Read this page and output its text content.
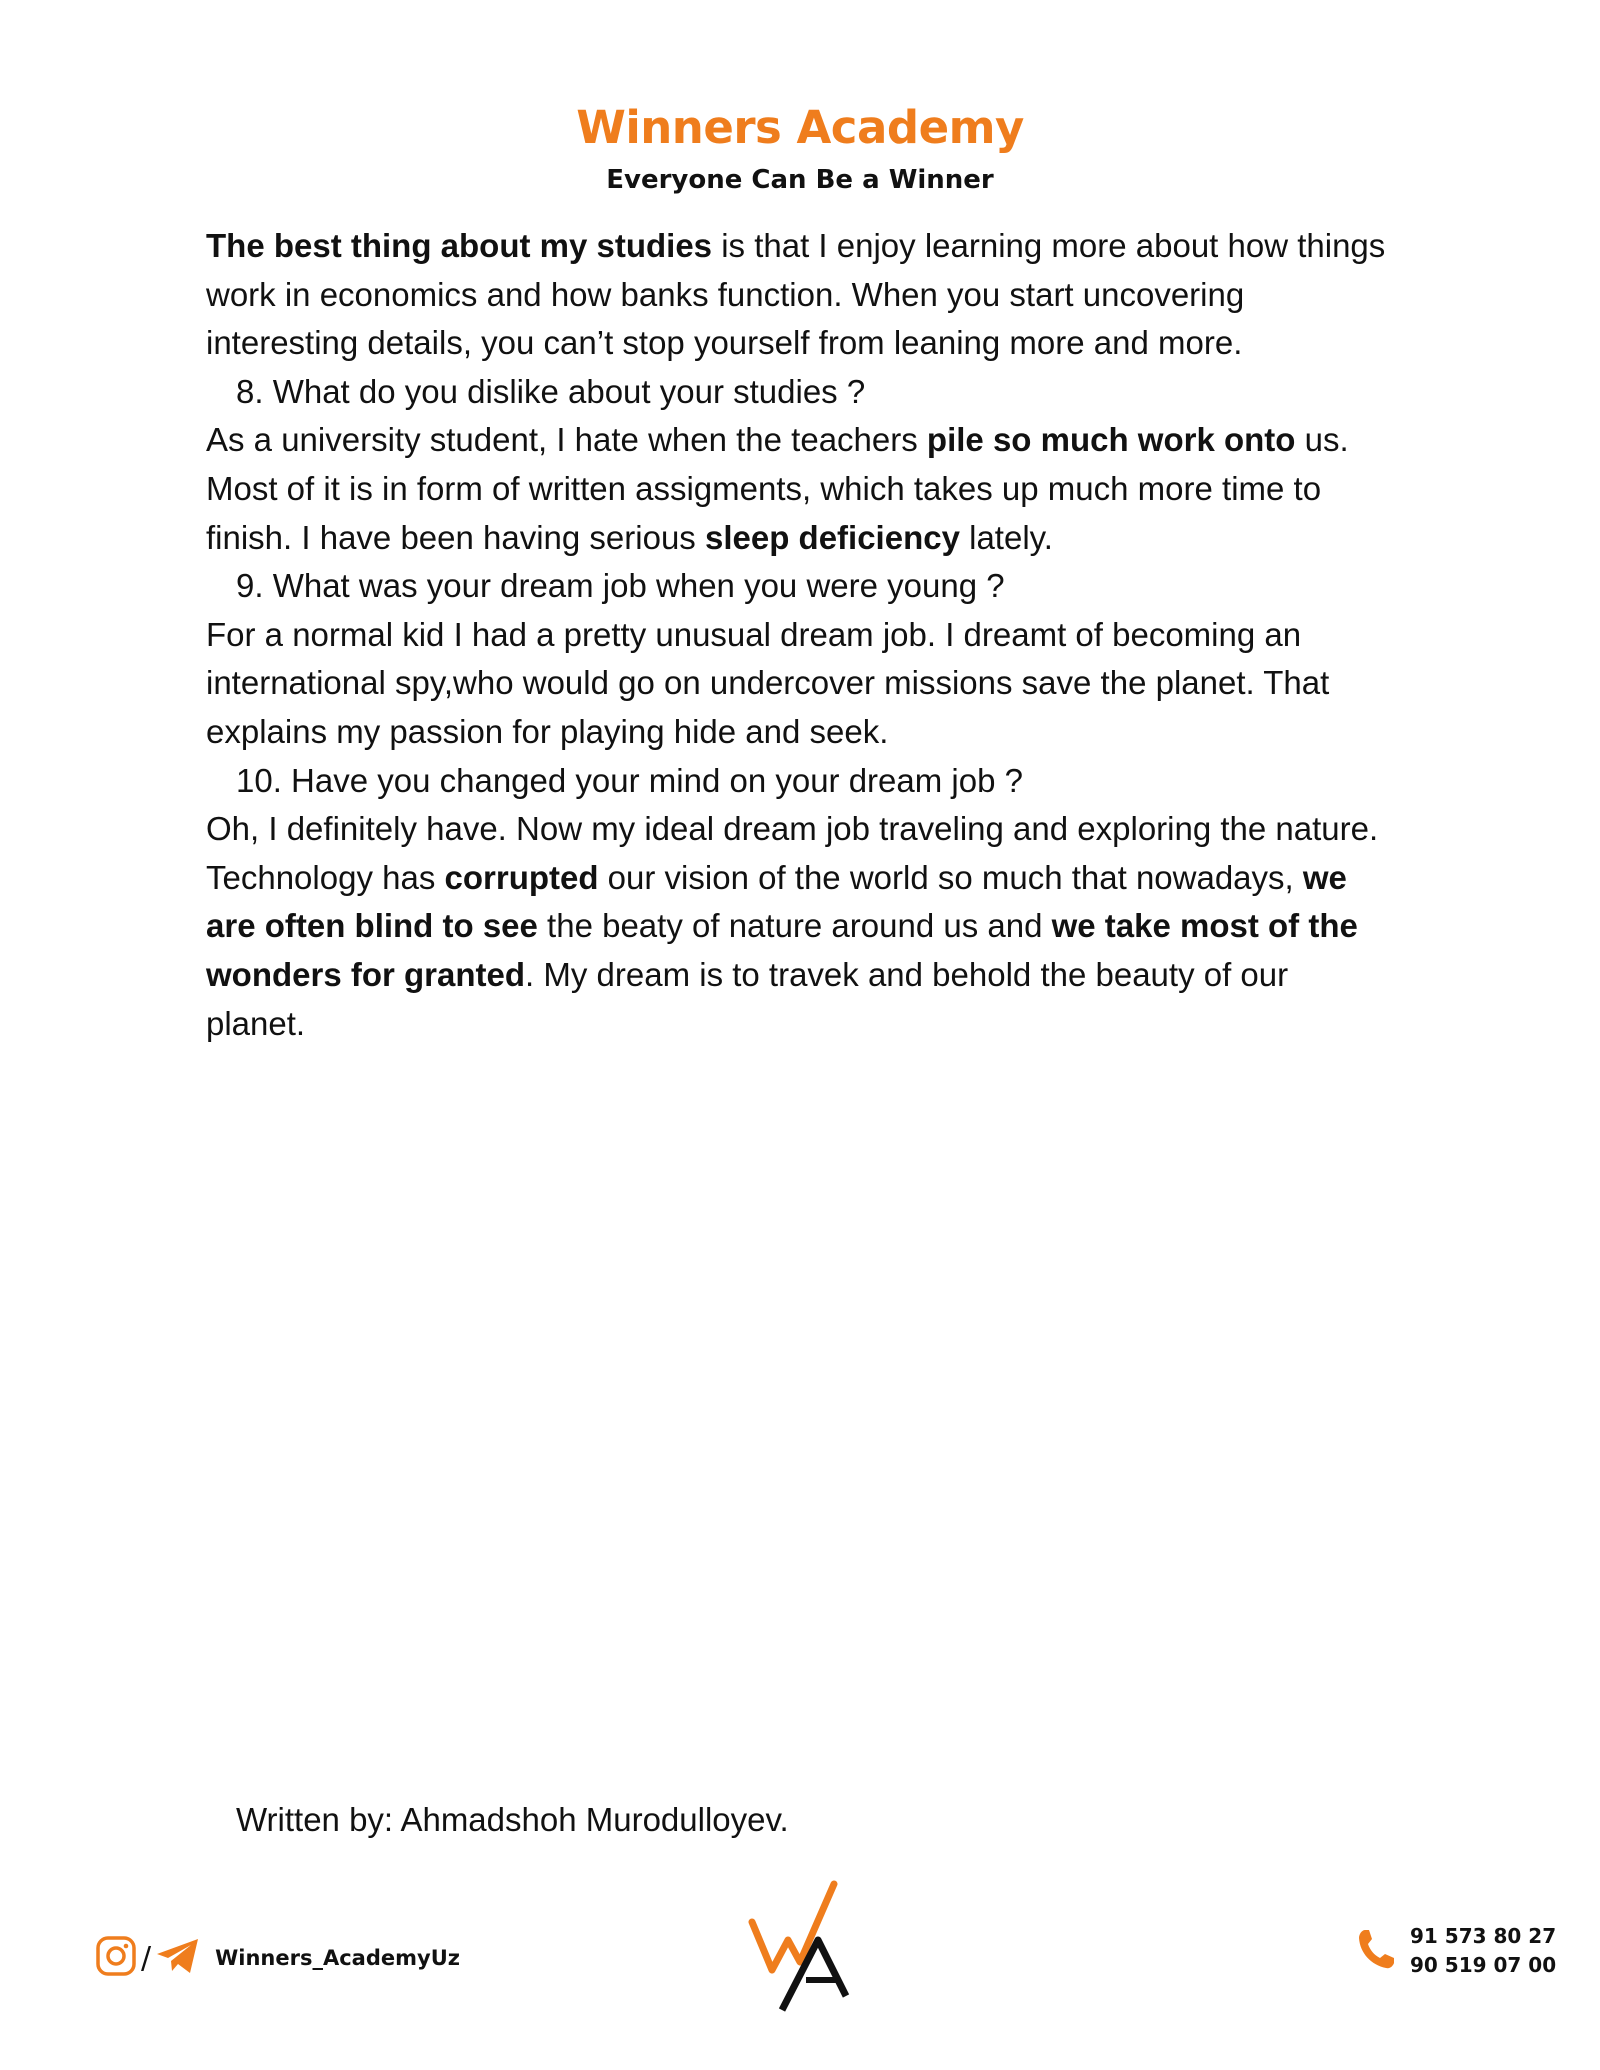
Winners Academy
Everyone Can Be a Winner

The best thing about my studies is that I enjoy learning more about how things work in economics and how banks function. When you start uncovering interesting details, you can’t stop yourself from leaning more and more.

8. What do you dislike about your studies ?

As a university student, I hate when the teachers pile so much work onto us. Most of it is in form of written assigments, which takes up much more time to finish. I have been having serious sleep deficiency lately.

9. What was your dream job when you were young ?

For a normal kid I had a pretty unusual dream job. I dreamt of becoming an international spy,who would go on undercover missions save the planet. That explains my passion for playing hide and seek.

10. Have you changed your mind on your dream job ?

Oh, I definitely have. Now my ideal dream job traveling and exploring the nature. Technology has corrupted our vision of the world so much that nowadays, we are often blind to see the beaty of nature around us and we take most of the wonders for granted. My dream is to travek and behold the beauty of our planet.

Written by: Ahmadshoh Murodulloyev.
/	Winners_AcademyUz
91 573 80 27
90 519 07 00
